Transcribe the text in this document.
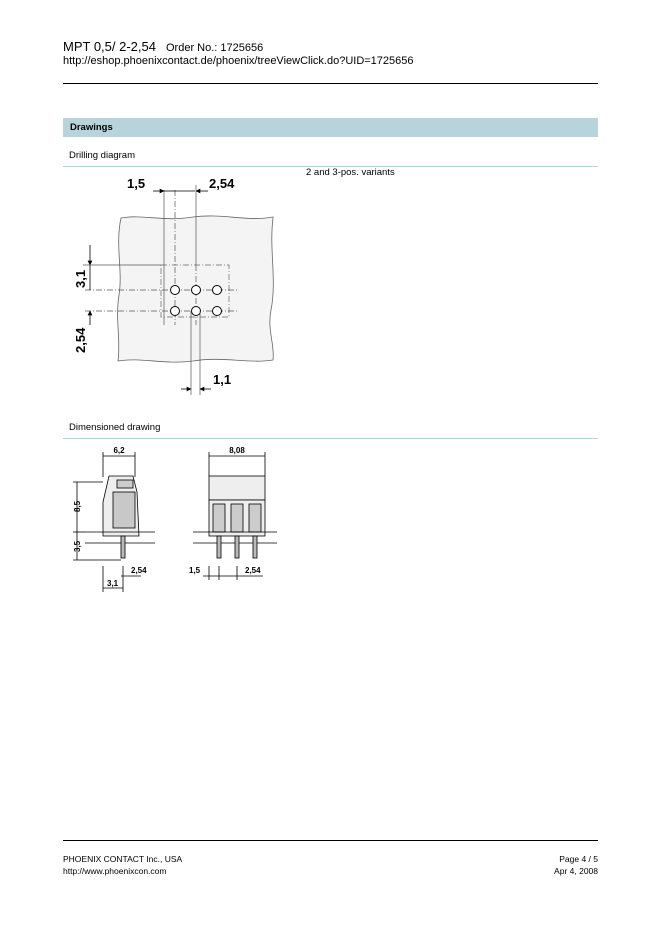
MPT 0,5/ 2-2,54 Order No.: 1725656
http://eshop.phoenixcontact.de/phoenix/treeViewClick.do?UID=1725656
Drawings
Drilling diagram
2 and 3-pos. variants
1,5	2,54
3,1
2,54
1,1
Dimensioned drawing
6,2
8,5
3,5
2,54
3,1
8,08
1,5	2,54
PHOENIX CONTACT Inc., USA
http://www.phoenixcon.com
Page 4 / 5
Apr 4, 2008
